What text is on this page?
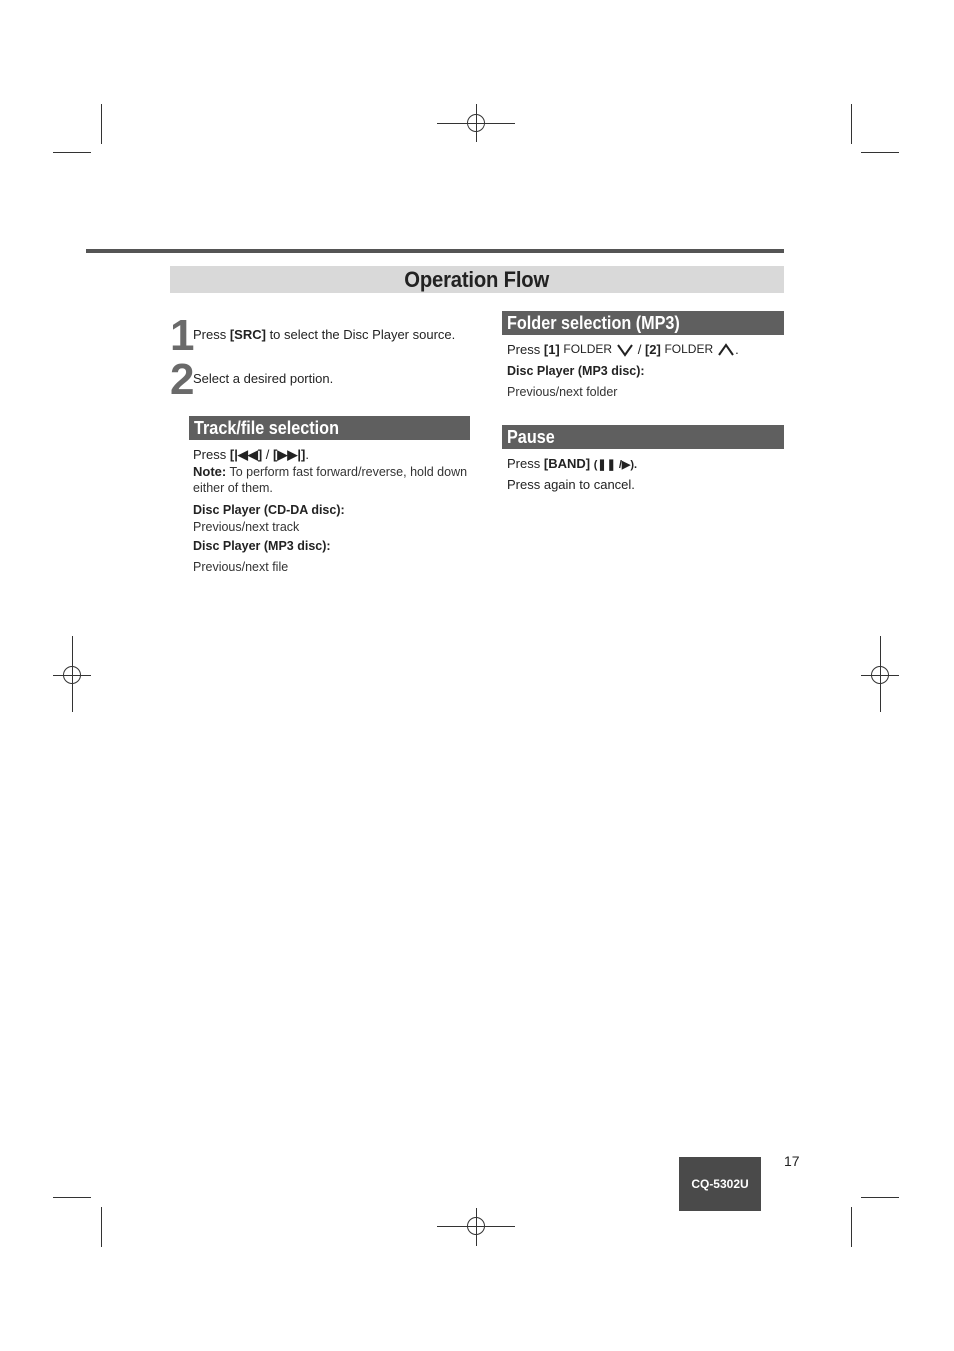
Operation Flow
1
Press [SRC] to select the Disc Player source.
2
Select a desired portion.
Track/file selection
Press [|◀◀] / [▶▶|].
Note: To perform fast forward/reverse, hold down either of them.
Disc Player (CD-DA disc):
Previous/next track
Disc Player (MP3 disc):
Previous/next file
Folder selection (MP3)
Press
[1]
FOLDER
/
[2]
FOLDER .
Disc Player (MP3 disc):
Previous/next folder
Pause
Press [BAND] (❚❚ /▶).
Press again to cancel.
CQ-5302U
17
